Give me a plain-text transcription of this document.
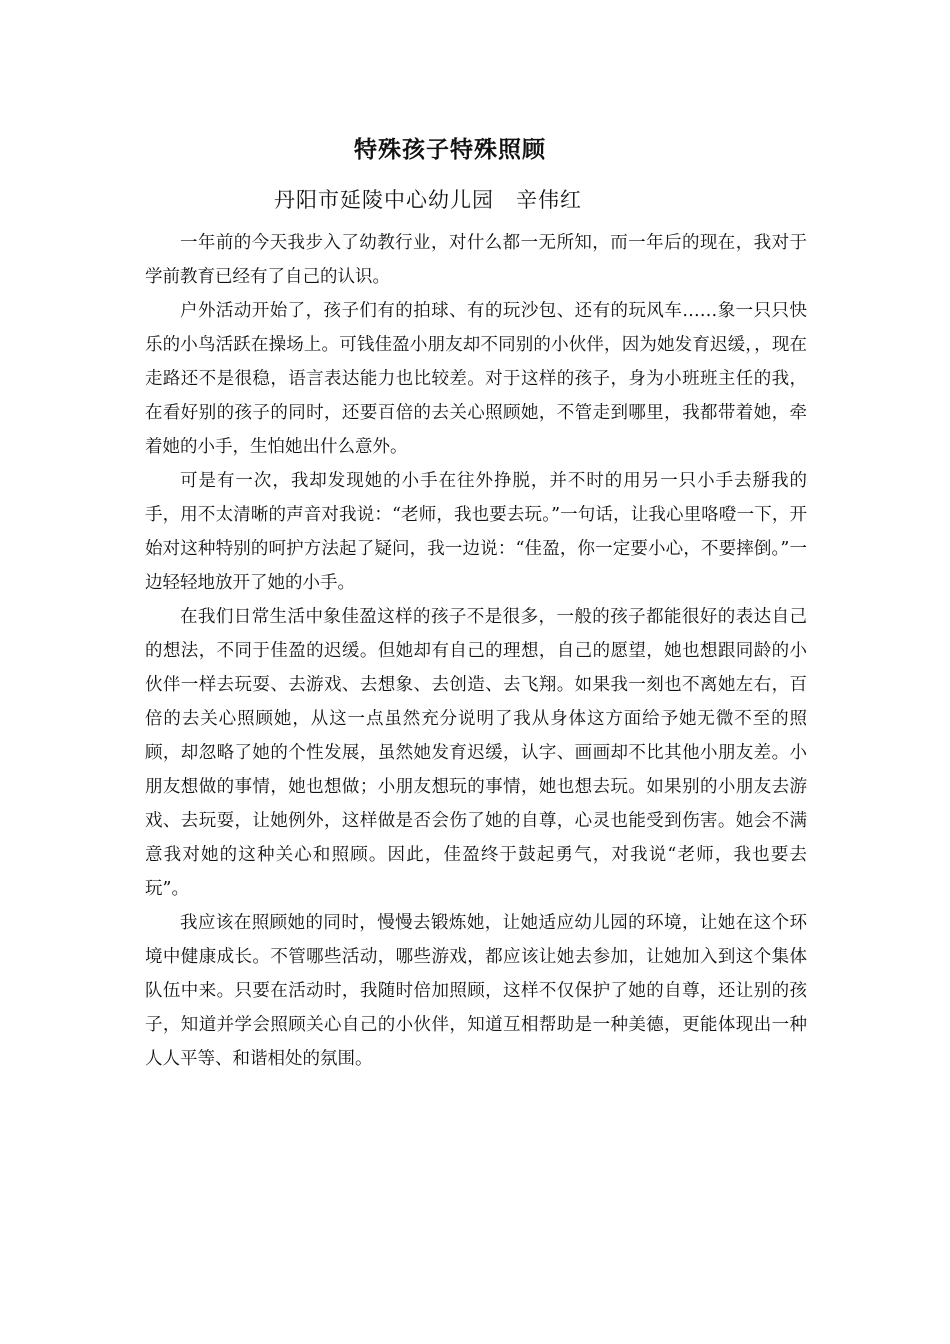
特殊孩子特殊照顾
丹阳市延陵中心幼儿园　辛伟红

一年前的今天我步入了幼教行业，对什么都一无所知，而一年后的现在，我对于学前教育已经有了自己的认识。

户外活动开始了，孩子们有的拍球、有的玩沙包、还有的玩风车……象一只只快乐的小鸟活跃在操场上。可钱佳盈小朋友却不同别的小伙伴，因为她发育迟缓，，现在走路还不是很稳，语言表达能力也比较差。对于这样的孩子，身为小班班主任的我，在看好别的孩子的同时，还要百倍的去关心照顾她，不管走到哪里，我都带着她，牵着她的小手，生怕她出什么意外。

可是有一次，我却发现她的小手在往外挣脱，并不时的用另一只小手去掰我的手，用不太清晰的声音对我说：“老师，我也要去玩。”一句话，让我心里咯噔一下，开始对这种特别的呵护方法起了疑问，我一边说：“佳盈，你一定要小心，不要摔倒。”一边轻轻地放开了她的小手。

在我们日常生活中象佳盈这样的孩子不是很多，一般的孩子都能很好的表达自己的想法，不同于佳盈的迟缓。但她却有自己的理想，自己的愿望，她也想跟同龄的小伙伴一样去玩耍、去游戏、去想象、去创造、去飞翔。如果我一刻也不离她左右，百倍的去关心照顾她，从这一点虽然充分说明了我从身体这方面给予她无微不至的照顾，却忽略了她的个性发展，虽然她发育迟缓，认字、画画却不比其他小朋友差。小朋友想做的事情，她也想做；小朋友想玩的事情，她也想去玩。如果别的小朋友去游戏、去玩耍，让她例外，这样做是否会伤了她的自尊，心灵也能受到伤害。她会不满意我对她的这种关心和照顾。因此，佳盈终于鼓起勇气，对我说“老师，我也要去玩”。

我应该在照顾她的同时，慢慢去锻炼她，让她适应幼儿园的环境，让她在这个环境中健康成长。不管哪些活动，哪些游戏，都应该让她去参加，让她加入到这个集体队伍中来。只要在活动时，我随时倍加照顾，这样不仅保护了她的自尊，还让别的孩子，知道并学会照顾关心自己的小伙伴，知道互相帮助是一种美德，更能体现出一种人人平等、和谐相处的氛围。
